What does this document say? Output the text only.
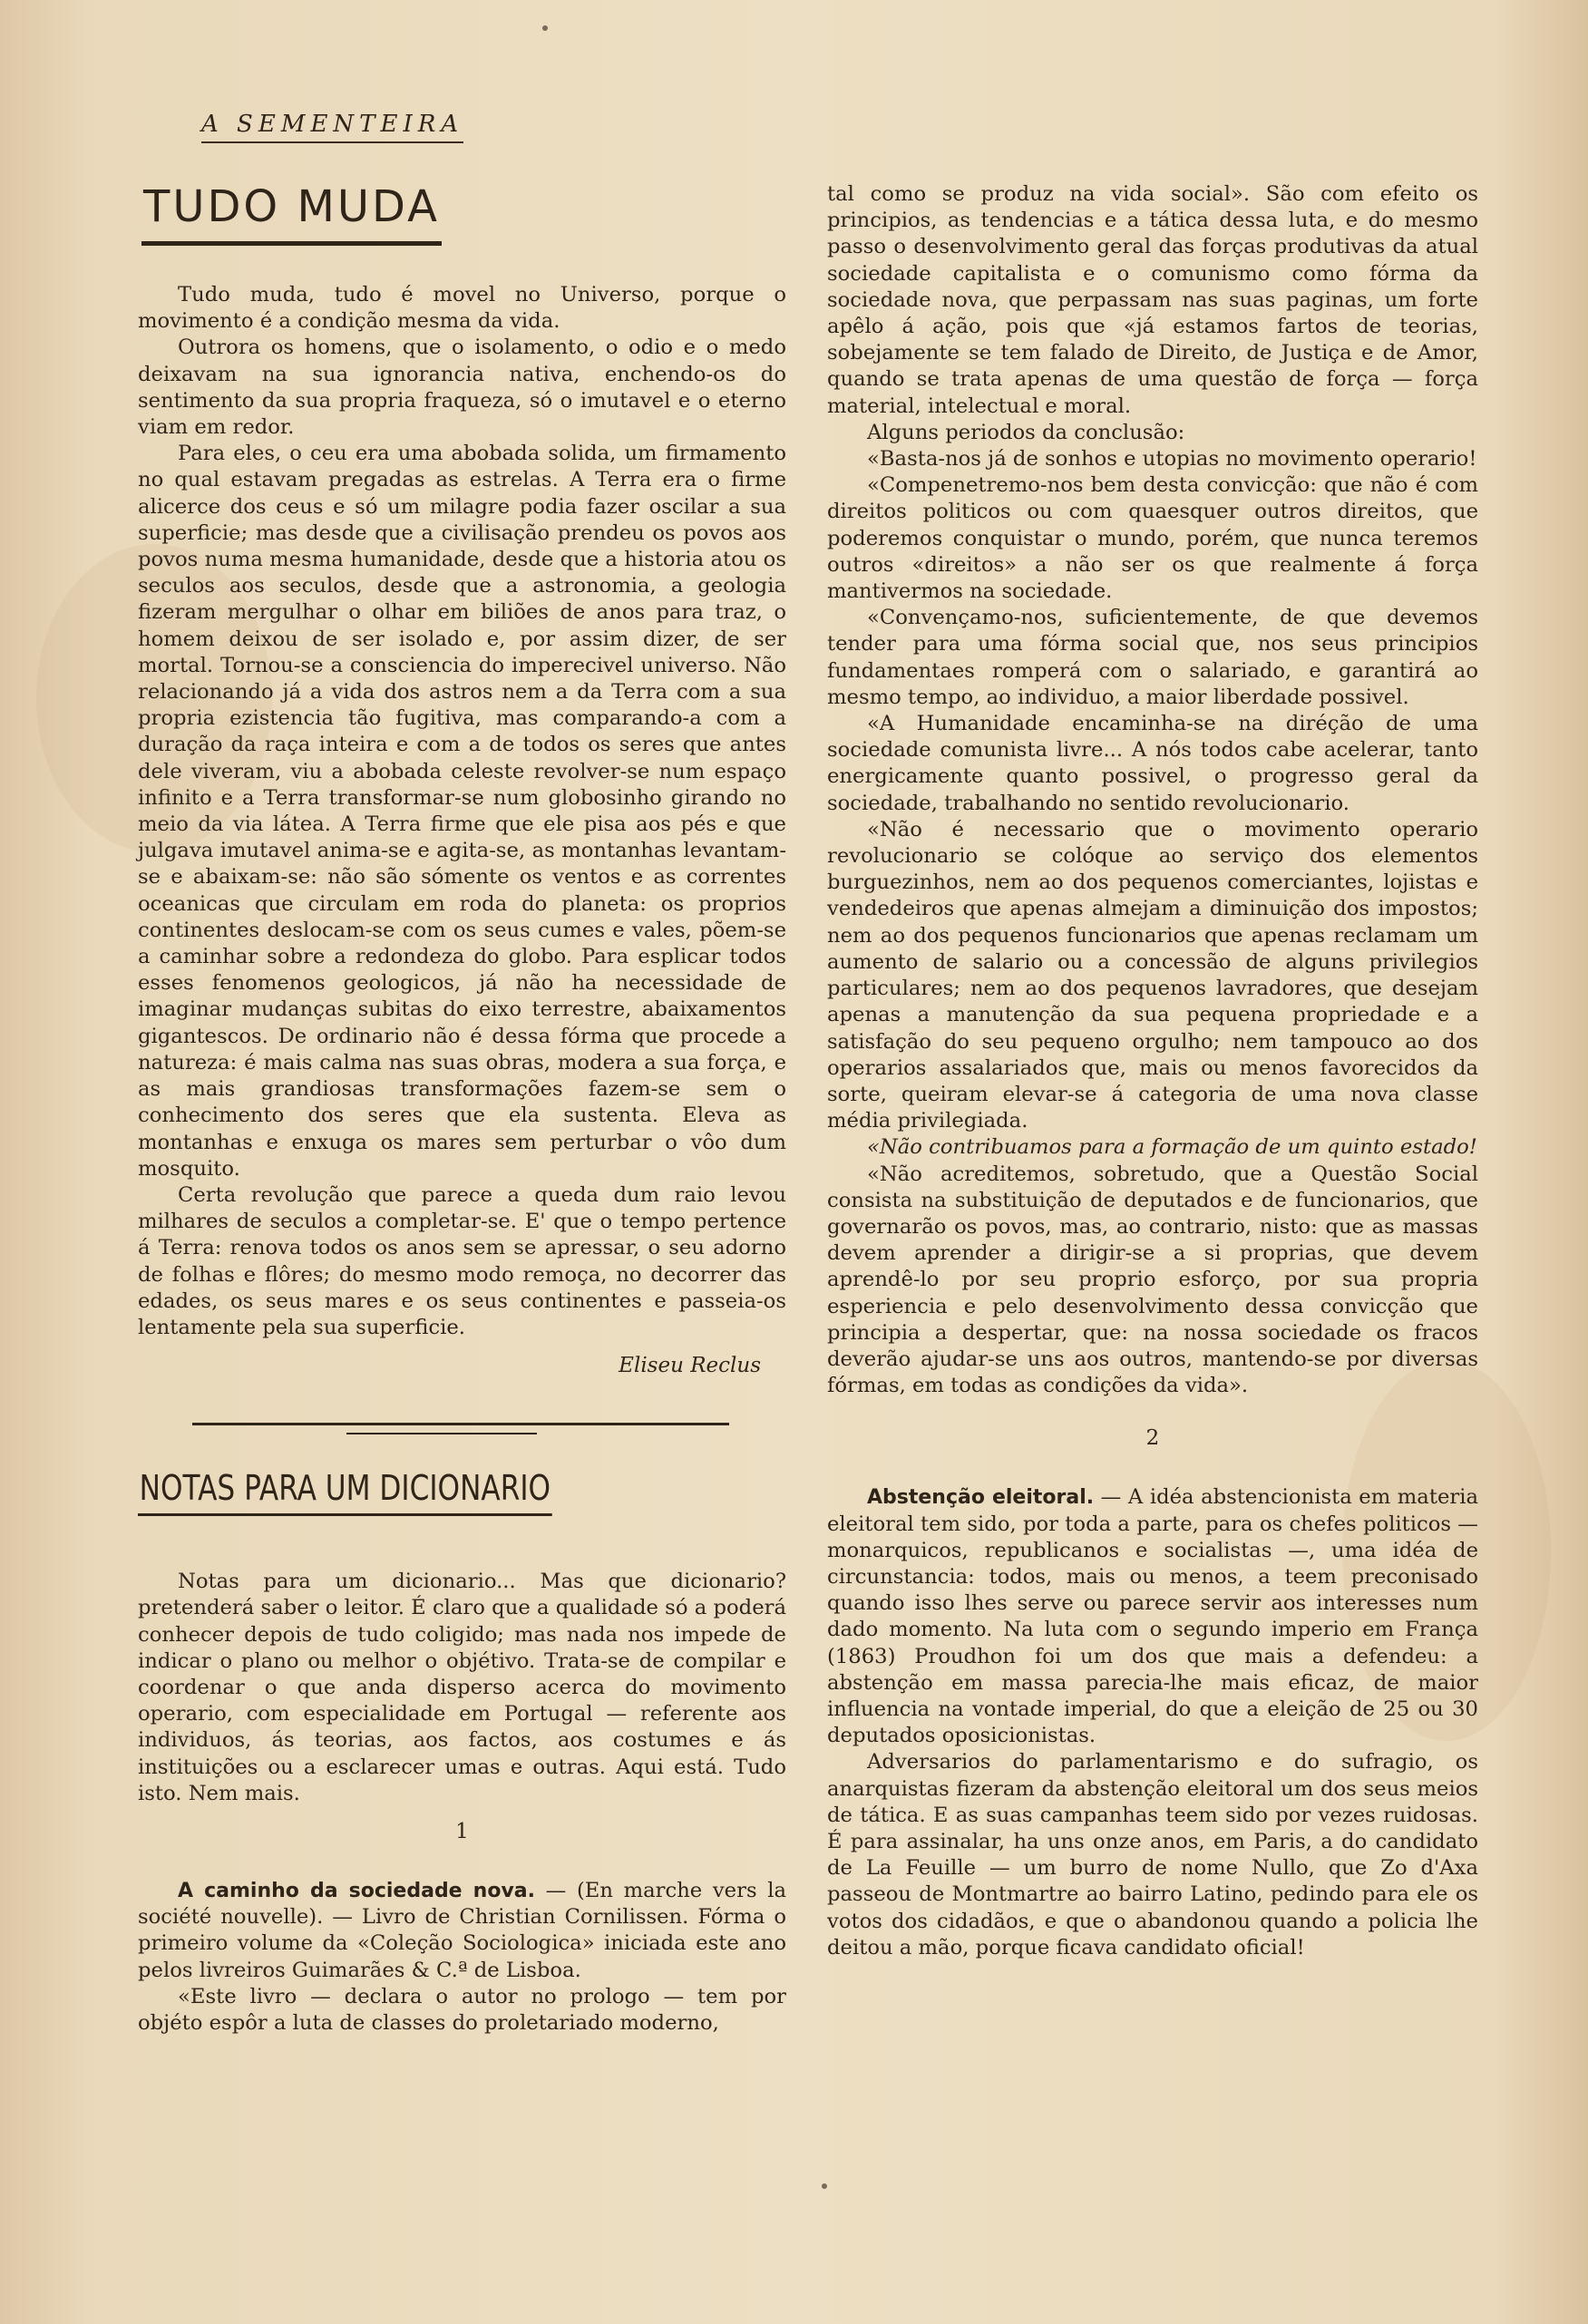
A SEMENTEIRA
TUDO MUDA

Tudo muda, tudo é movel no Universo, porque o movimento é a condição mesma da vida.

Outrora os homens, que o isolamento, o odio e o medo deixavam na sua ignorancia nativa, enchendo-os do sentimento da sua propria fraqueza, só o imutavel e o eterno viam em redor.

Para eles, o ceu era uma abobada solida, um firmamento no qual estavam pregadas as estrelas. A Terra era o firme alicerce dos ceus e só um milagre podia fazer oscilar a sua superficie; mas desde que a civilisação prendeu os povos aos povos numa mesma humanidade, desde que a historia atou os seculos aos seculos, desde que a astronomia, a geologia fizeram mergulhar o olhar em biliões de anos para traz, o homem deixou de ser isolado e, por assim dizer, de ser mortal. Tornou-se a consciencia do imperecivel universo. Não relacionando já a vida dos astros nem a da Terra com a sua propria ezistencia tão fugitiva, mas comparando-a com a duração da raça inteira e com a de todos os seres que antes dele viveram, viu a abobada celeste revolver-se num espaço infinito e a Terra transformar-se num globosinho girando no meio da via látea. A Terra firme que ele pisa aos pés e que julgava imutavel anima-se e agita-se, as montanhas levantam-se e abaixam-se: não são sómente os ventos e as correntes oceanicas que circulam em roda do planeta: os proprios continentes deslocam-se com os seus cumes e vales, põem-se a caminhar sobre a redondeza do globo. Para esplicar todos esses fenomenos geologicos, já não ha necessidade de imaginar mudanças subitas do eixo terrestre, abaixamentos gigantescos. De ordinario não é dessa fórma que procede a natureza: é mais calma nas suas obras, modera a sua força, e as mais grandiosas transformações fazem-se sem o conhecimento dos seres que ela sustenta. Eleva as montanhas e enxuga os mares sem perturbar o vôo dum mosquito.

Certa revolução que parece a queda dum raio levou milhares de seculos a completar-se. E' que o tempo pertence á Terra: renova todos os anos sem se apressar, o seu adorno de folhas e flôres; do mesmo modo remoça, no decorrer das edades, os seus mares e os seus continentes e passeia-os lentamente pela sua superficie.

Eliseu Reclus
NOTAS PARA UM DICIONARIO

Notas para um dicionario... Mas que dicionario? pretenderá saber o leitor. É claro que a qualidade só a poderá conhecer depois de tudo coligido; mas nada nos impede de indicar o plano ou melhor o objétivo. Trata-se de compilar e coordenar o que anda disperso acerca do movimento operario, com especialidade em Portugal — referente aos individuos, ás teorias, aos factos, aos costumes e ás instituições ou a esclarecer umas e outras. Aqui está. Tudo isto. Nem mais.

1

A caminho da sociedade nova. — (En marche vers la société nouvelle). — Livro de Christian Cornilissen. Fórma o primeiro volume da «Coleção Sociologica» iniciada este ano pelos livreiros Guimarães & C.ª de Lisboa.

«Este livro — declara o autor no prologo — tem por objéto espôr a luta de classes do proletariado moderno,

tal como se produz na vida social». São com efeito os principios, as tendencias e a tática dessa luta, e do mesmo passo o desenvolvimento geral das forças produtivas da atual sociedade capitalista e o comunismo como fórma da sociedade nova, que perpassam nas suas paginas, um forte apêlo á ação, pois que «já estamos fartos de teorias, sobejamente se tem falado de Direito, de Justiça e de Amor, quando se trata apenas de uma questão de força — força material, intelectual e moral.

Alguns periodos da conclusão:

«Basta-nos já de sonhos e utopias no movimento operario!

«Compenetremo-nos bem desta convicção: que não é com direitos politicos ou com quaesquer outros direitos, que poderemos conquistar o mundo, porém, que nunca teremos outros «direitos» a não ser os que realmente á força mantivermos na sociedade.

«Convençamo-nos, suficientemente, de que devemos tender para uma fórma social que, nos seus principios fundamentaes romperá com o salariado, e garantirá ao mesmo tempo, ao individuo, a maior liberdade possivel.

«A Humanidade encaminha-se na diréção de uma sociedade comunista livre... A nós todos cabe acelerar, tanto energicamente quanto possivel, o progresso geral da sociedade, trabalhando no sentido revolucionario.

«Não é necessario que o movimento operario revolucionario se colóque ao serviço dos elementos burguezinhos, nem ao dos pequenos comerciantes, lojistas e vendedeiros que apenas almejam a diminuição dos impostos; nem ao dos pequenos funcionarios que apenas reclamam um aumento de salario ou a concessão de alguns privilegios particulares; nem ao dos pequenos lavradores, que desejam apenas a manutenção da sua pequena propriedade e a satisfação do seu pequeno orgulho; nem tampouco ao dos operarios assalariados que, mais ou menos favorecidos da sorte, queiram elevar-se á categoria de uma nova classe média privilegiada.

«Não contribuamos para a formação de um quinto estado!

«Não acreditemos, sobretudo, que a Questão Social consista na substituição de deputados e de funcionarios, que governarão os povos, mas, ao contrario, nisto: que as massas devem aprender a dirigir-se a si proprias, que devem aprendê-lo por seu proprio esforço, por sua propria esperiencia e pelo desenvolvimento dessa convicção que principia a despertar, que: na nossa sociedade os fracos deverão ajudar-se uns aos outros, mantendo-se por diversas fórmas, em todas as condições da vida».

2

Abstenção eleitoral. — A idéa abstencionista em materia eleitoral tem sido, por toda a parte, para os chefes politicos — monarquicos, republicanos e socialistas —, uma idéa de circunstancia: todos, mais ou menos, a teem preconisado quando isso lhes serve ou parece servir aos interesses num dado momento. Na luta com o segundo imperio em França (1863) Proudhon foi um dos que mais a defendeu: a abstenção em massa parecia-lhe mais eficaz, de maior influencia na vontade imperial, do que a eleição de 25 ou 30 deputados oposicionistas.

Adversarios do parlamentarismo e do sufragio, os anarquistas fizeram da abstenção eleitoral um dos seus meios de tática. E as suas campanhas teem sido por vezes ruidosas. É para assinalar, ha uns onze anos, em Paris, a do candidato de La Feuille — um burro de nome Nullo, que Zo d'Axa passeou de Montmartre ao bairro Latino, pedindo para ele os votos dos cidadãos, e que o abandonou quando a policia lhe deitou a mão, porque ficava candidato oficial!
